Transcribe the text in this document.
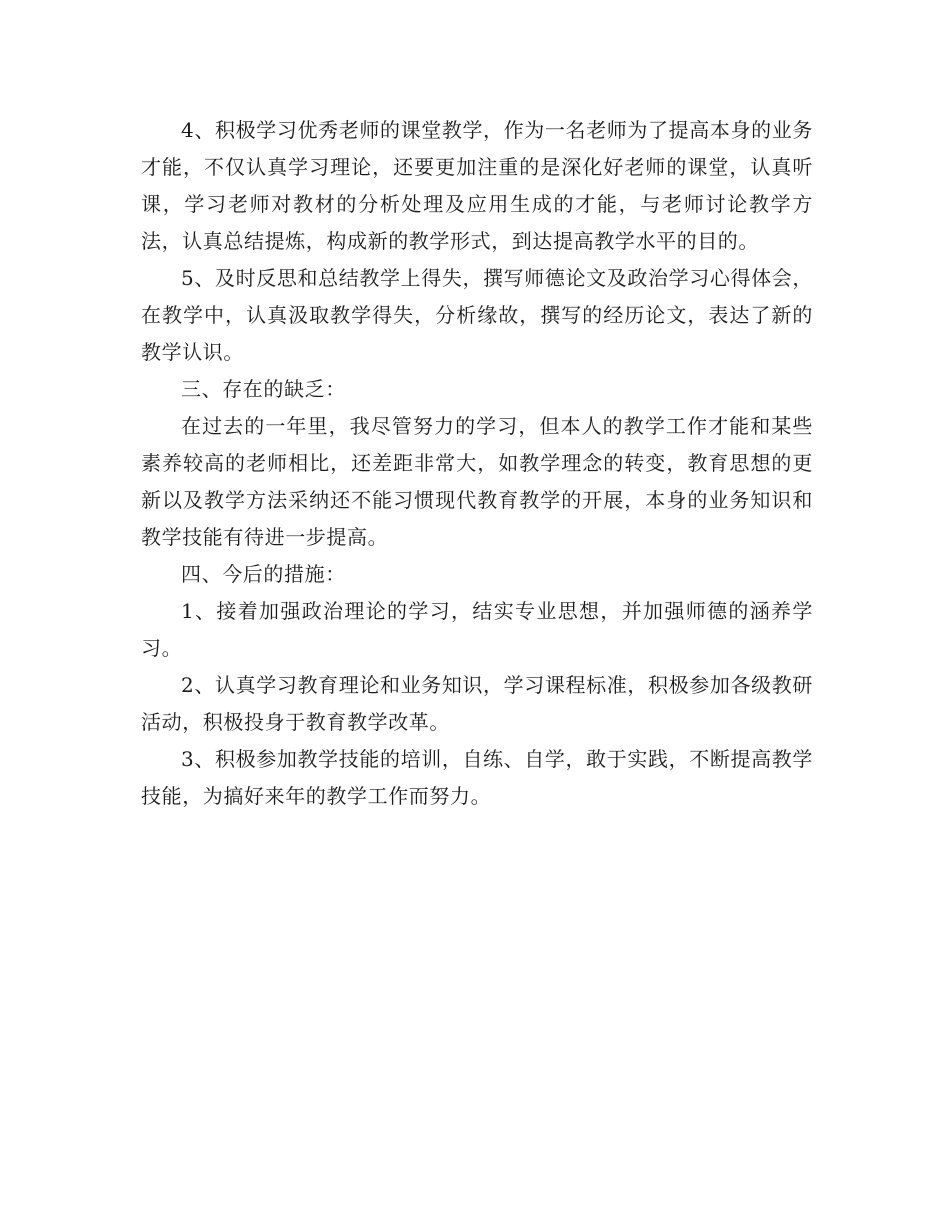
4、积极学习优秀老师的课堂教学，作为一名老师为了提高本身的业务才能，不仅认真学习理论，还要更加注重的是深化好老师的课堂，认真听课，学习老师对教材的分析处理及应用生成的才能，与老师讨论教学方法，认真总结提炼，构成新的教学形式，到达提高教学水平的目的。

5、及时反思和总结教学上得失，撰写师德论文及政治学习心得体会，在教学中，认真汲取教学得失，分析缘故，撰写的经历论文，表达了新的教学认识。

三、存在的缺乏：

在过去的一年里，我尽管努力的学习，但本人的教学工作才能和某些素养较高的老师相比，还差距非常大，如教学理念的转变，教育思想的更新以及教学方法采纳还不能习惯现代教育教学的开展，本身的业务知识和教学技能有待进一步提高。

四、今后的措施：

1、接着加强政治理论的学习，结实专业思想，并加强师德的涵养学习。

2、认真学习教育理论和业务知识，学习课程标准，积极参加各级教研活动，积极投身于教育教学改革。

3、积极参加教学技能的培训，自练、自学，敢于实践，不断提高教学技能，为搞好来年的教学工作而努力。
